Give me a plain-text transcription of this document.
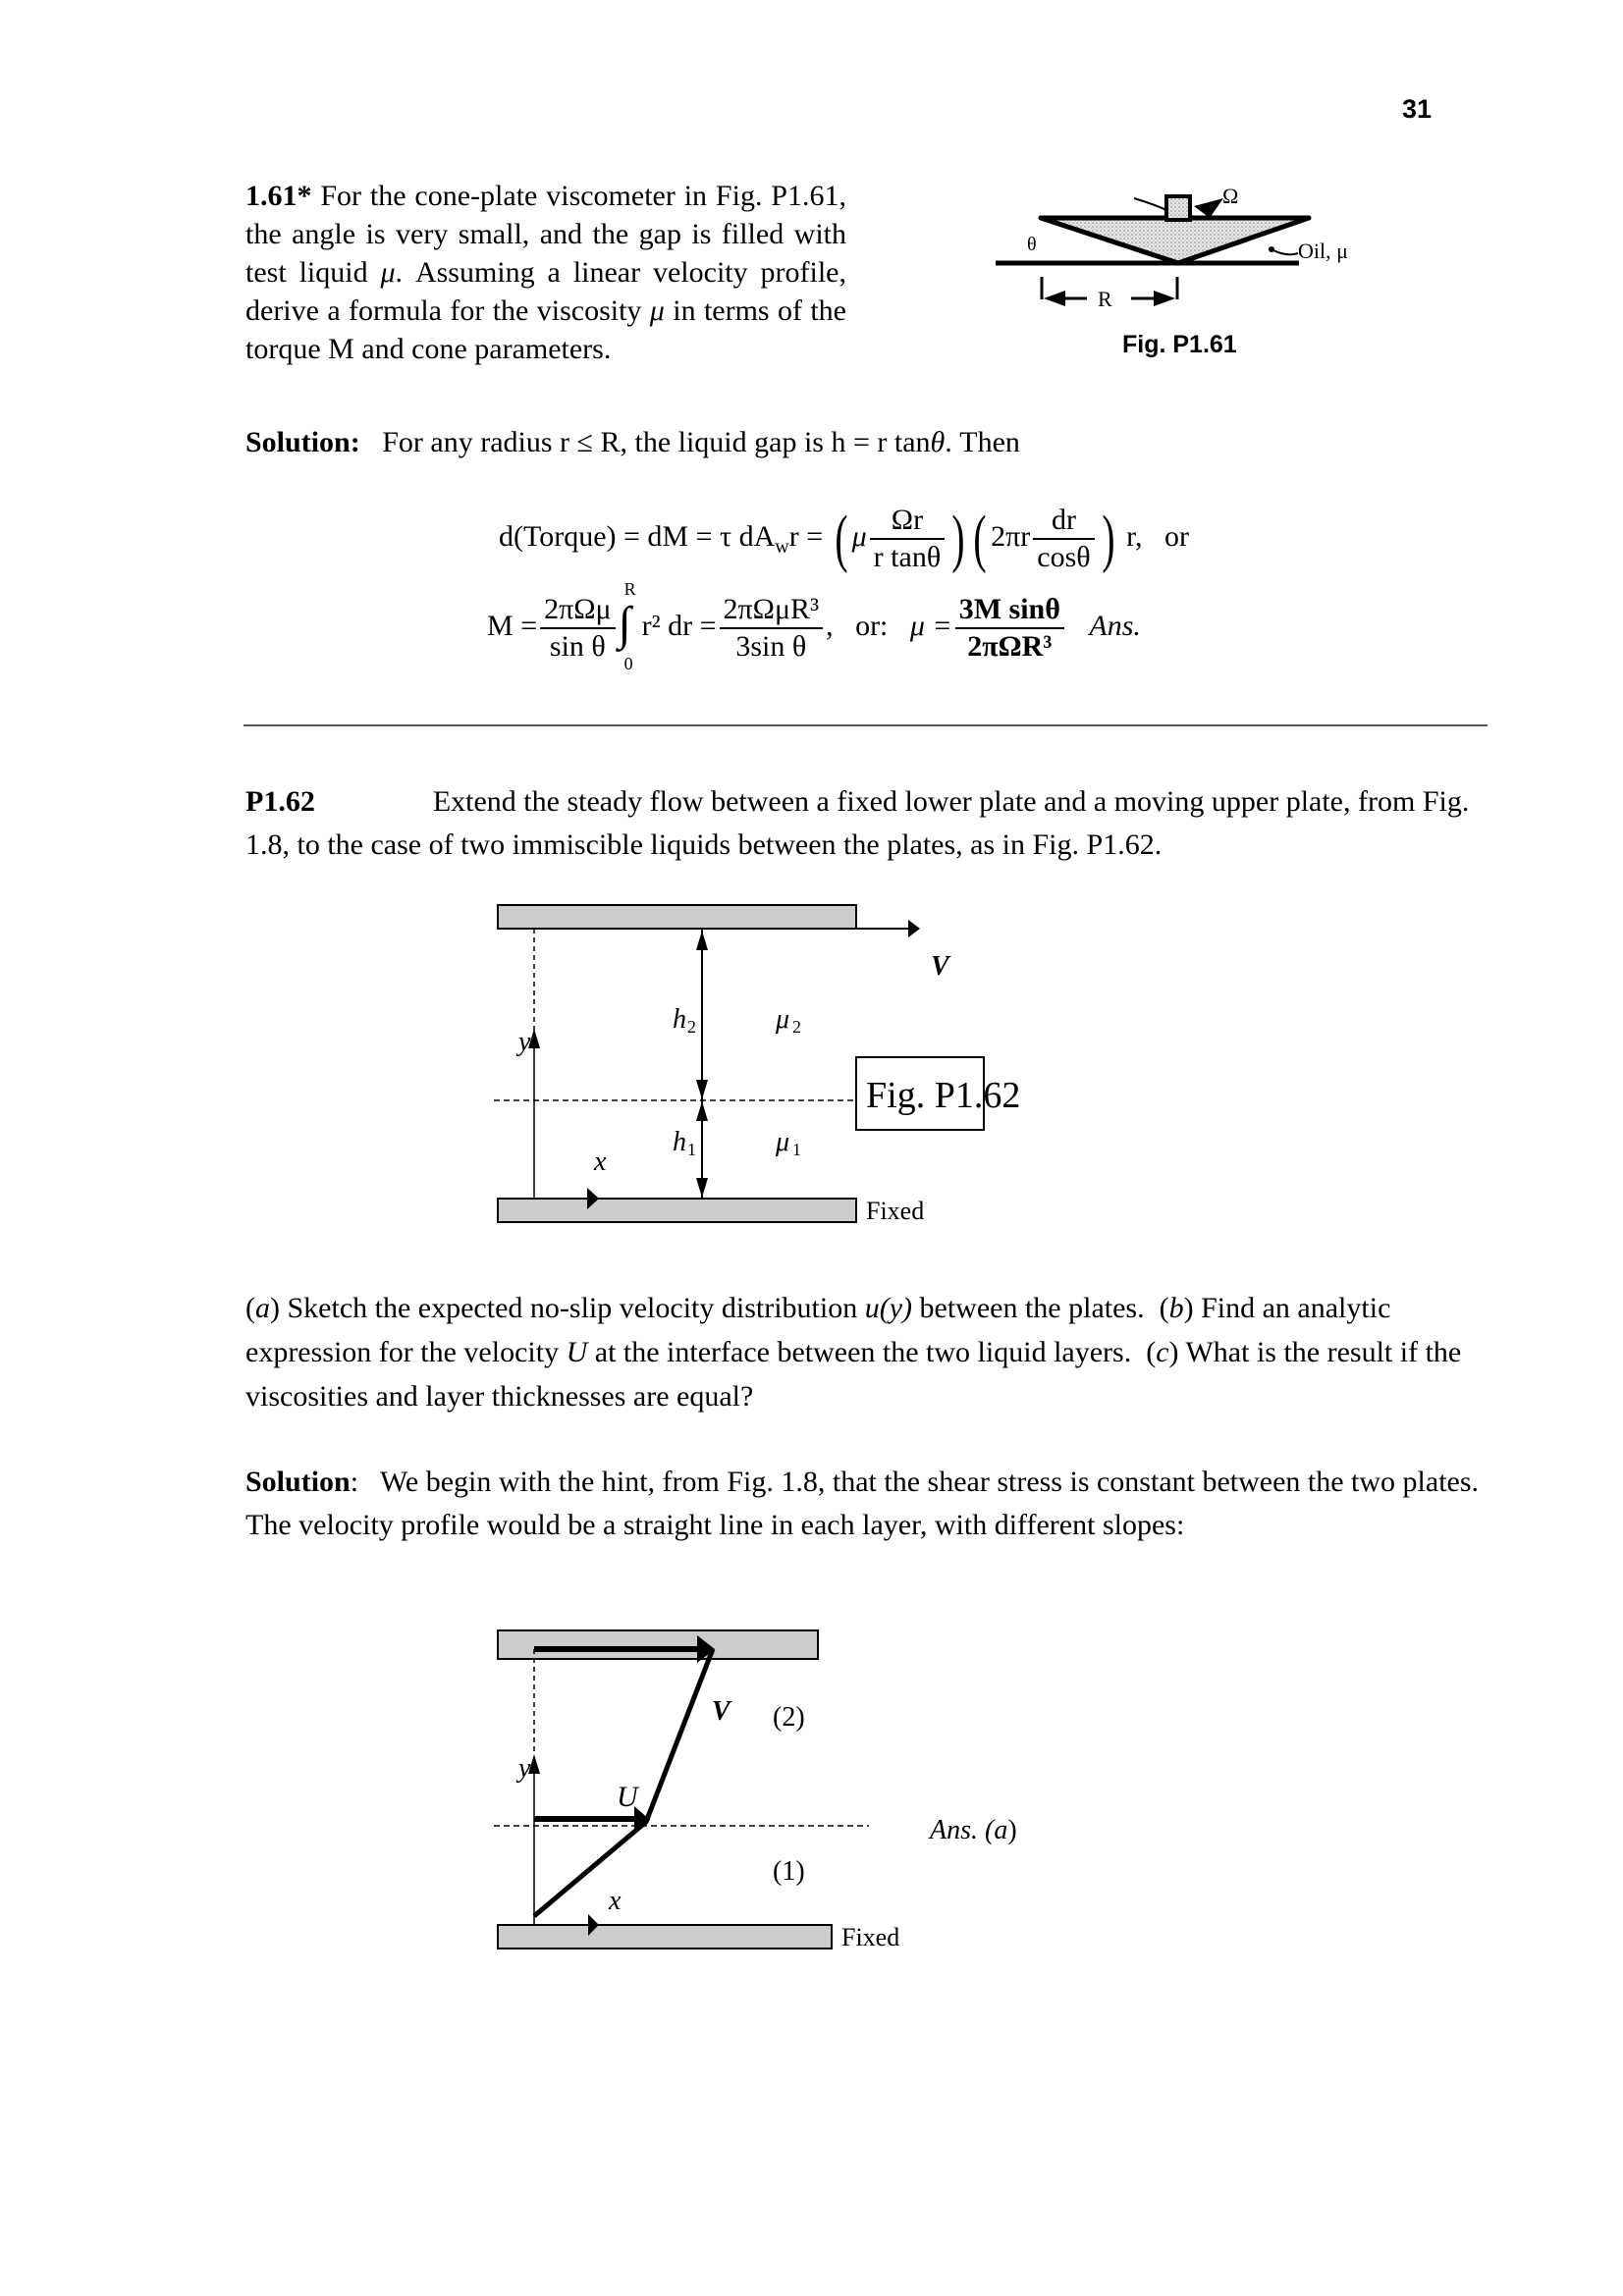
31
1.61* For the cone-plate viscometer in Fig. P1.61, the angle is very small, and the gap is filled with test liquid μ. Assuming a linear velocity profile, derive a formula for the viscosity μ in terms of the torque M and cone parameters.
Ω
θ	Oil, μ
R
Fig. P1.61
Solution: For any radius r ≤ R, the liquid gap is h = r tanθ. Then
d(Torque) = dM = τ $dA_wr$ = ( μ $\frac{\Omega r}{\text{r tanθ}}$ ) ( $2\pi r \frac{dr}{\cos\theta}$ ) r,   or
$M = \frac{\text{2πΩμ}}{\text{sin θ}}$
R
∫
0
r² dr = $\frac{\text{2πΩμR³}}{\text{3sin θ}}$ ,   or: $\mu = \frac{\text{3M sinθ}}{\text{2πΩR³}}$ Ans.
P1.62	Extend the steady flow between a fixed lower plate and a moving upper plate, from Fig. 1.8, to the case of two immiscible liquids between the plates, as in Fig. P1.62.
V
Fixed
y
x
h 2
h 1
μ 2
μ 1
Fig. P1.62
(a) Sketch the expected no-slip velocity distribution u(y) between the plates.  (b) Find an analytic expression for the velocity U at the interface between the two liquid layers.  (c) What is the result if the viscosities and layer thicknesses are equal?
Solution:   We begin with the hint, from Fig. 1.8, that the shear stress is constant between the two plates.  The velocity profile would be a straight line in each layer, with different slopes:
Fixed
y
x
U
V (2)
(1)
Ans. (a)
